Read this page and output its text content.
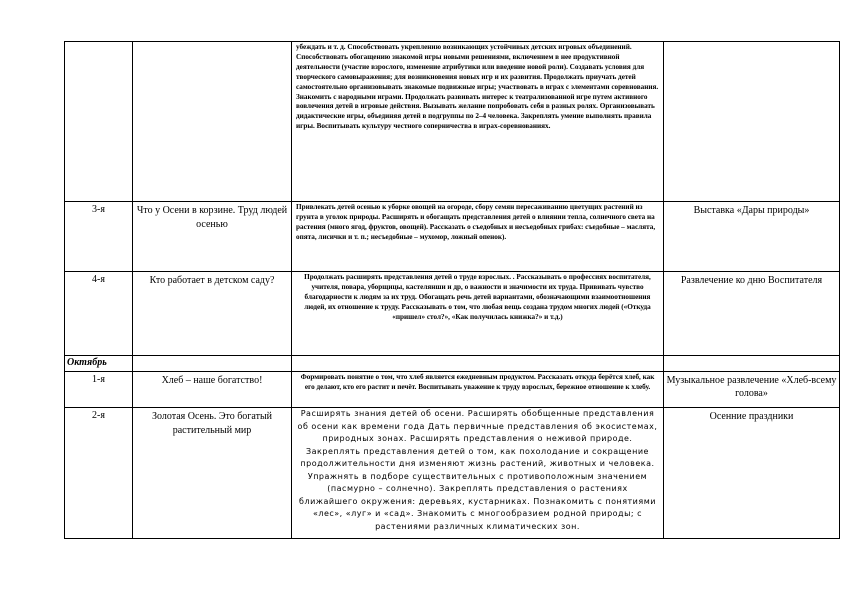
		убеждать и т. д. Способствовать укреплению возникающих устойчивых детских игровых объединений. Способствовать обогащению знакомой игры новыми решениями, включением в нее продуктивной деятельности (участие взрослого, изменение атрибутики или введение новой роли). Создавать условия для творческого самовыражения; для возникновения новых игр и их развития. Продолжать приучать детей самостоятельно организовывать знакомые подвижные игры; участвовать в играх с элементами соревнования. Знакомить с народными играми. Продолжать развивать интерес к театрализованной игре путем активного вовлечения детей в игровые действия. Вызывать желание попробовать себя в разных ролях. Организовывать дидактические игры, объединяя детей в подгруппы по 2–4 человека. Закреплять умение выполнять правила игры. Воспитывать культуру честного соперничества в играх-соревнованиях.	
3-я	Что у Осени в корзине. Труд людей осенью	Привлекать детей осенью к уборке овощей на огороде, сбору семян пересаживанию цветущих растений из грунта в уголок природы. Расширять и обогащать представления детей о влиянии тепла, солнечного света на растения (много ягод, фруктов, овощей). Рассказать о съедобных и несъедобных грибах: съедобные – маслята, опята, лисички и т. п.; несъедобные – мухомор, ложный опенок).	Выставка «Дары природы»
4-я	Кто работает в детском саду?	Продолжать расширять представления детей о труде взрослых. . Рассказывать о профессиях воспитателя, учителя, повара, уборщицы, кастелянши и др, о важности и значимости их труда. Прививать чувство благодарности к людям за их труд. Обогащать речь детей вариантами, обозначающими взаимоотношения людей, их отношение к труду. Рассказывать о том, что любая вещь создана трудом многих людей («Откуда «пришел» стол?», «Как получилась книжка?» и т.д.)	Развлечение ко дню Воспитателя
Октябрь			
1-я	Хлеб – наше богатство!	Формировать понятие о том, что хлеб является ежедневным продуктом. Рассказать откуда берётся хлеб, как его делают, кто его растит и печёт. Воспитывать уважение к труду взрослых, бережное отношение к хлебу.	Музыкальное развлечение «Хлеб-всему голова»
2-я	Золотая Осень. Это богатый растительный мир	Расширять знания детей об осени. Расширять обобщенные представления об осени как времени года Дать первичные представления об экосистемах, природных зонах. Расширять представления о неживой природе. Закреплять представления детей о том, как похолодание и сокращение продолжительности дня изменяют жизнь растений, животных и человека. Упражнять в подборе существительных с противоположным значением (пасмурно – солнечно). Закреплять представления о растениях ближайшего окружения: деревьях, кустарниках. Познакомить с понятиями «лес», «луг» и «сад». Знакомить с многообразием родной природы; с растениями различных климатических зон.	Осенние праздники
